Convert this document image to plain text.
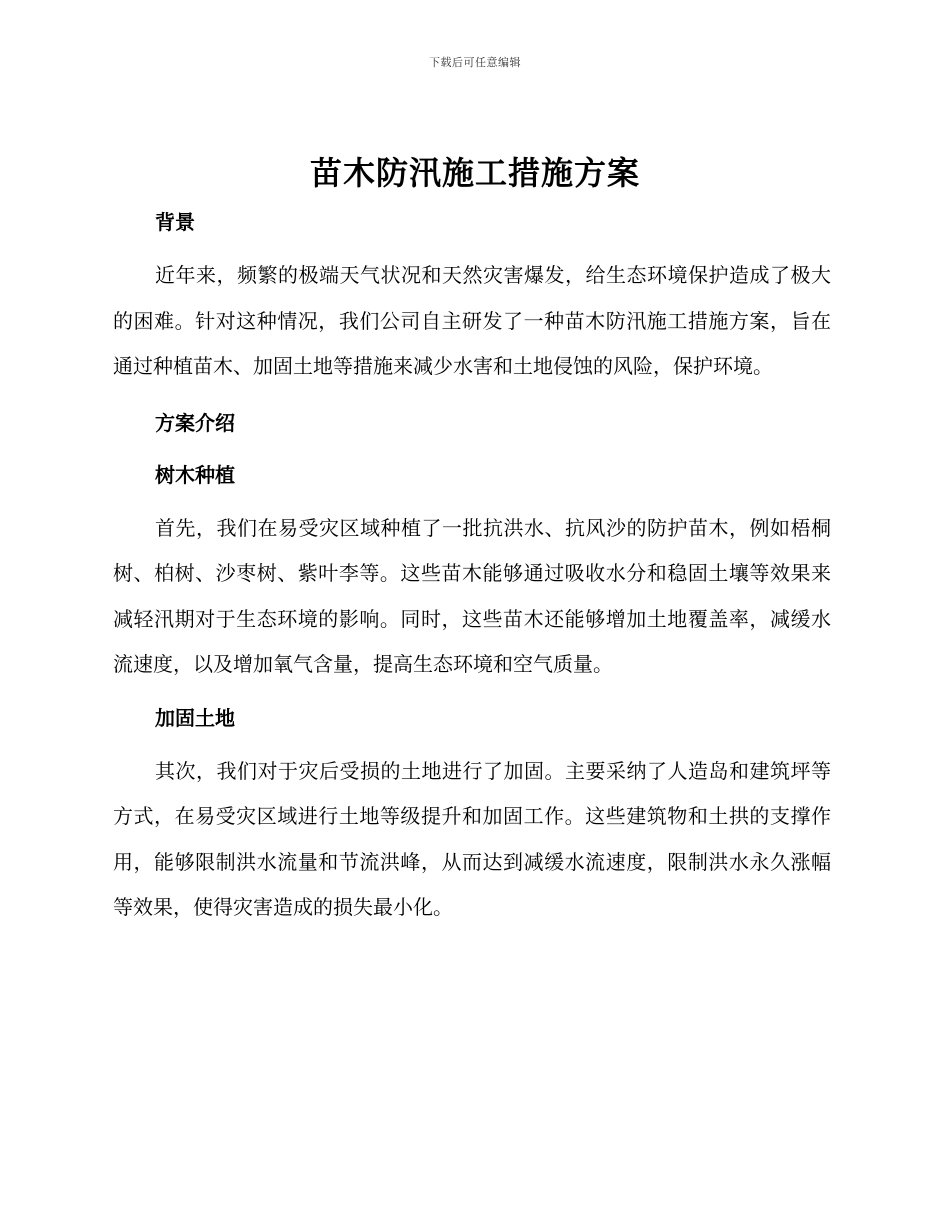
下载后可任意编辑
苗木防汛施工措施方案

背景

近年来，频繁的极端天气状况和天然灾害爆发，给生态环境保护造成了极大的困难。针对这种情况，我们公司自主研发了一种苗木防汛施工措施方案，旨在通过种植苗木、加固土地等措施来减少水害和土地侵蚀的风险，保护环境。

方案介绍

树木种植

首先，我们在易受灾区域种植了一批抗洪水、抗风沙的防护苗木，例如梧桐树、柏树、沙枣树、紫叶李等。这些苗木能够通过吸收水分和稳固土壤等效果来减轻汛期对于生态环境的影响。同时，这些苗木还能够增加土地覆盖率，减缓水流速度，以及增加氧气含量，提高生态环境和空气质量。

加固土地

其次，我们对于灾后受损的土地进行了加固。主要采纳了人造岛和建筑坪等方式，在易受灾区域进行土地等级提升和加固工作。这些建筑物和土拱的支撑作用，能够限制洪水流量和节流洪峰，从而达到减缓水流速度，限制洪水永久涨幅等效果，使得灾害造成的损失最小化。
